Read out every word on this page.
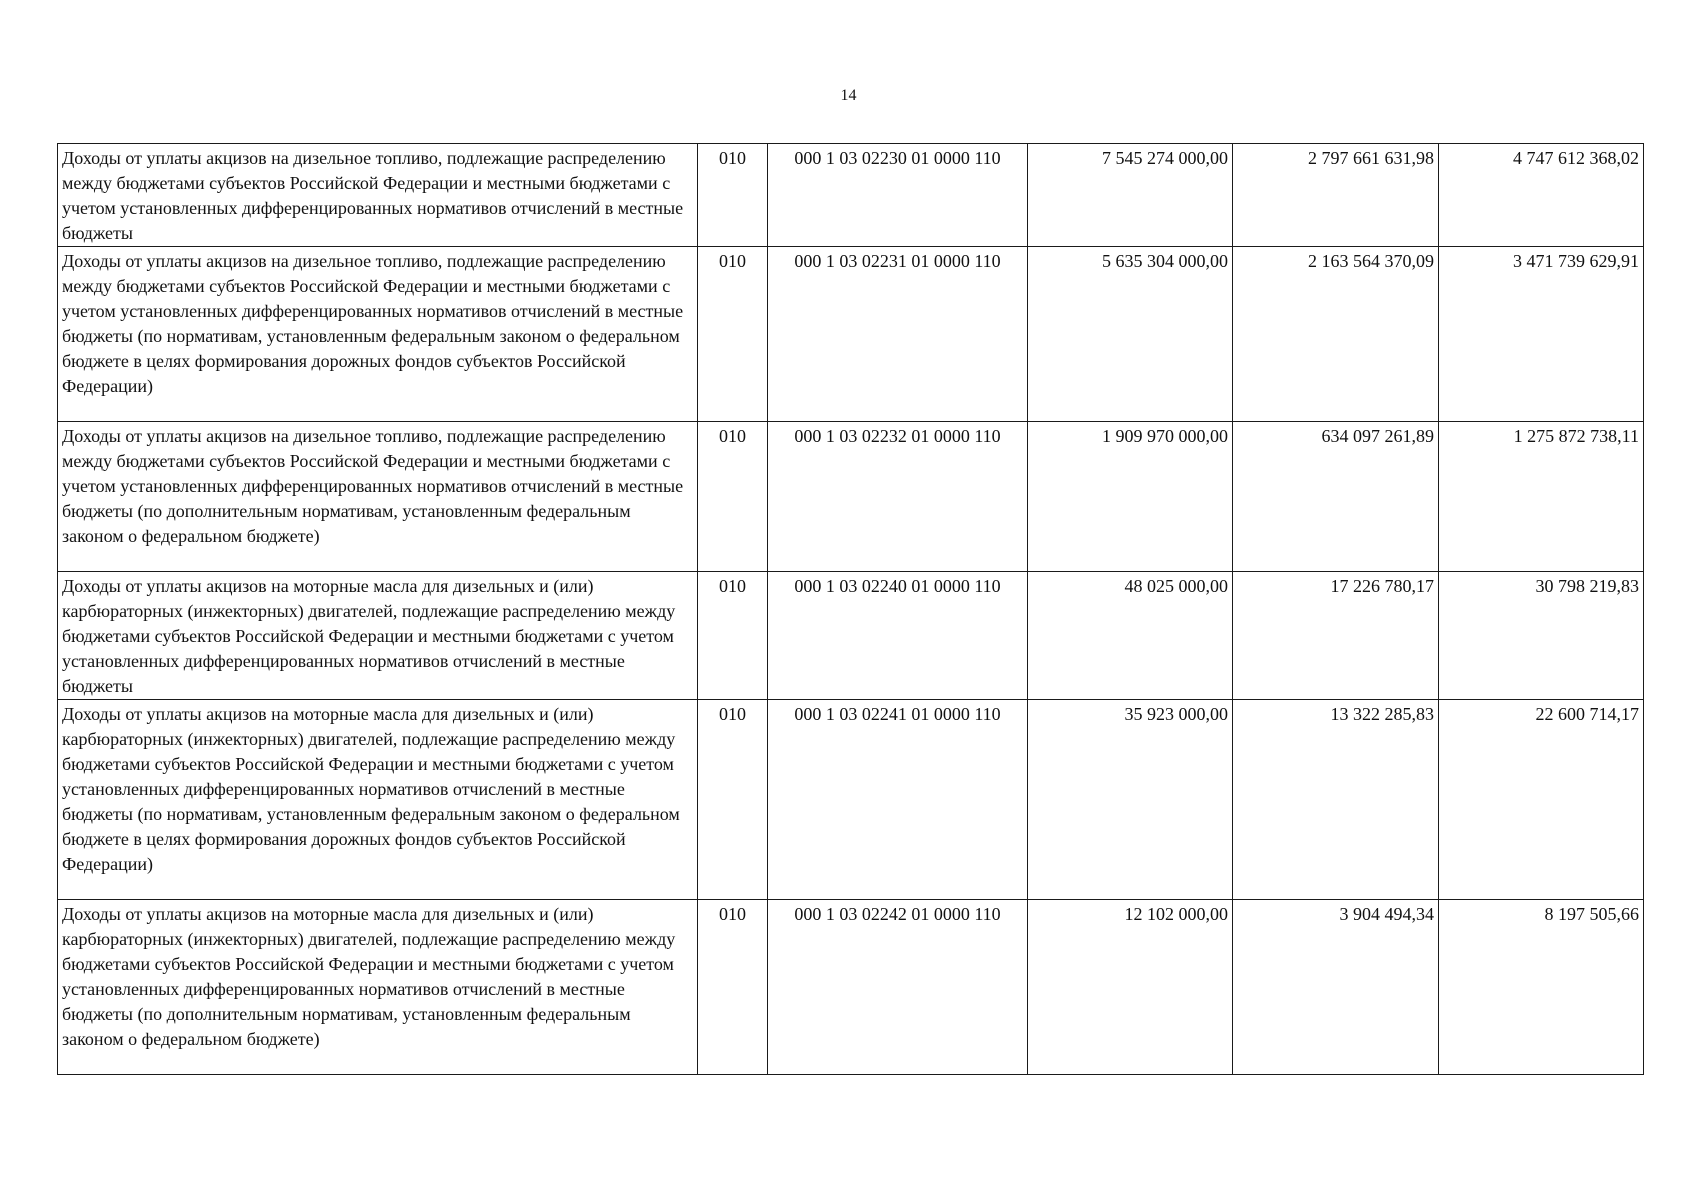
14
Доходы от уплаты акцизов на дизельное топливо, подлежащие распределению между бюджетами субъектов Российской Федерации и местными бюджетами с учетом установленных дифференцированных нормативов отчислений в местные бюджеты	010	000 1 03 02230 01 0000 110	7 545 274 000,00	2 797 661 631,98	4 747 612 368,02
Доходы от уплаты акцизов на дизельное топливо, подлежащие распределению между бюджетами субъектов Российской Федерации и местными бюджетами с учетом установленных дифференцированных нормативов отчислений в местные бюджеты (по нормативам, установленным федеральным законом о федеральном бюджете в целях формирования дорожных фондов субъектов Российской Федерации)	010	000 1 03 02231 01 0000 110	5 635 304 000,00	2 163 564 370,09	3 471 739 629,91
Доходы от уплаты акцизов на дизельное топливо, подлежащие распределению между бюджетами субъектов Российской Федерации и местными бюджетами с учетом установленных дифференцированных нормативов отчислений в местные бюджеты (по дополнительным нормативам, установленным федеральным законом о федеральном бюджете)	010	000 1 03 02232 01 0000 110	1 909 970 000,00	634 097 261,89	1 275 872 738,11
Доходы от уплаты акцизов на моторные масла для дизельных и (или) карбюраторных (инжекторных) двигателей, подлежащие распределению между бюджетами субъектов Российской Федерации и местными бюджетами с учетом установленных дифференцированных нормативов отчислений в местные бюджеты	010	000 1 03 02240 01 0000 110	48 025 000,00	17 226 780,17	30 798 219,83
Доходы от уплаты акцизов на моторные масла для дизельных и (или) карбюраторных (инжекторных) двигателей, подлежащие распределению между бюджетами субъектов Российской Федерации и местными бюджетами с учетом установленных дифференцированных нормативов отчислений в местные бюджеты (по нормативам, установленным федеральным законом о федеральном бюджете в целях формирования дорожных фондов субъектов Российской Федерации)	010	000 1 03 02241 01 0000 110	35 923 000,00	13 322 285,83	22 600 714,17
Доходы от уплаты акцизов на моторные масла для дизельных и (или) карбюраторных (инжекторных) двигателей, подлежащие распределению между бюджетами субъектов Российской Федерации и местными бюджетами с учетом установленных дифференцированных нормативов отчислений в местные бюджеты (по дополнительным нормативам, установленным федеральным законом о федеральном бюджете)	010	000 1 03 02242 01 0000 110	12 102 000,00	3 904 494,34	8 197 505,66
